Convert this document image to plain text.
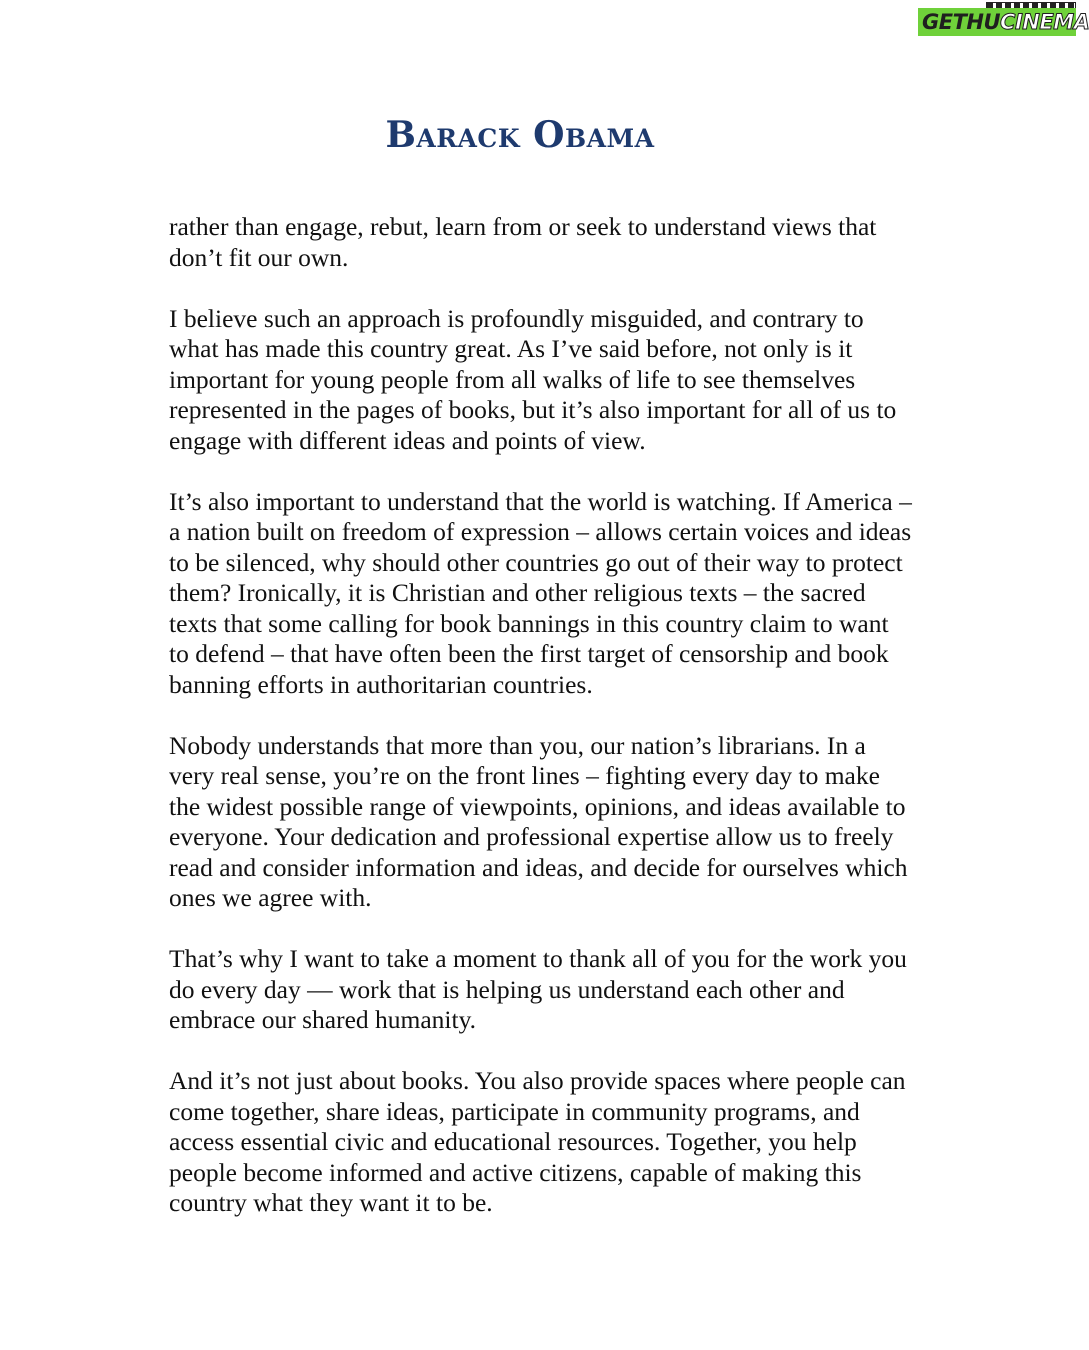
GETHUCINEMA
Barack Obama

rather than engage, rebut, learn from or seek to understand views that don’t fit our own.

I believe such an approach is profoundly misguided, and contrary to what has made this country great. As I’ve said before, not only is it important for young people from all walks of life to see themselves represented in the pages of books, but it’s also important for all of us to engage with different ideas and points of view.

It’s also important to understand that the world is watching. If America – a nation built on freedom of expression – allows certain voices and ideas to be silenced, why should other countries go out of their way to protect them? Ironically, it is Christian and other religious texts – the sacred texts that some calling for book bannings in this country claim to want to defend – that have often been the first target of censorship and book banning efforts in authoritarian countries.

Nobody understands that more than you, our nation’s librarians. In a very real sense, you’re on the front lines – fighting every day to make the widest possible range of viewpoints, opinions, and ideas available to everyone. Your dedication and professional expertise allow us to freely read and consider information and ideas, and decide for ourselves which ones we agree with.

That’s why I want to take a moment to thank all of you for the work you do every day — work that is helping us understand each other and embrace our shared humanity.

And it’s not just about books. You also provide spaces where people can come together, share ideas, participate in community programs, and access essential civic and educational resources. Together, you help people become informed and active citizens, capable of making this country what they want it to be.
